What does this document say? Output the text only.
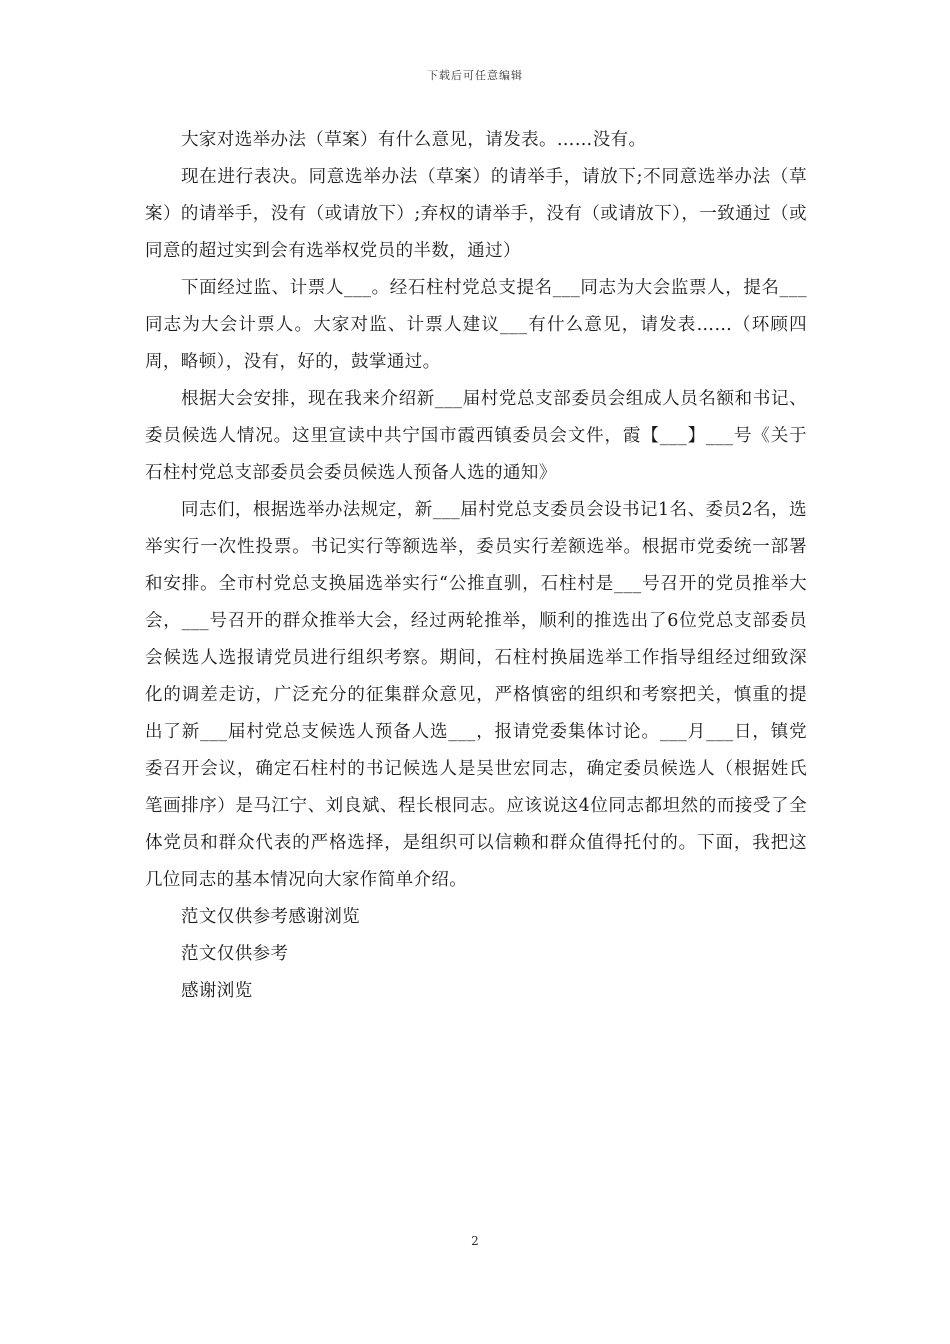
下载后可任意编辑

大家对选举办法（草案）有什么意见，请发表。……没有。

现在进行表决。同意选举办法（草案）的请举手，请放下;不同意选举办法（草案）的请举手，没有（或请放下）;弃权的请举手，没有（或请放下），一致通过（或同意的超过实到会有选举权党员的半数，通过）

下面经过监、计票人___。经石柱村党总支提名___同志为大会监票人，提名___同志为大会计票人。大家对监、计票人建议___有什么意见，请发表……（环顾四周，略顿），没有，好的，鼓掌通过。

根据大会安排，现在我来介绍新___届村党总支部委员会组成人员名额和书记、委员候选人情况。这里宣读中共宁国市霞西镇委员会文件，霞【___】___号《关于石柱村党总支部委员会委员候选人预备人选的通知》

同志们，根据选举办法规定，新___届村党总支委员会设书记1名、委员2名，选举实行一次性投票。书记实行等额选举，委员实行差额选举。根据市党委统一部署和安排。全市村党总支换届选举实行“公推直驯，石柱村是___号召开的党员推举大会，___号召开的群众推举大会，经过两轮推举，顺利的推选出了6位党总支部委员会候选人选报请党员进行组织考察。期间，石柱村换届选举工作指导组经过细致深化的调差走访，广泛充分的征集群众意见，严格慎密的组织和考察把关，慎重的提出了新___届村党总支候选人预备人选___，报请党委集体讨论。___月___日，镇党委召开会议，确定石柱村的书记候选人是吴世宏同志，确定委员候选人（根据姓氏笔画排序）是马江宁、刘良斌、程长根同志。应该说这4位同志都坦然的而接受了全体党员和群众代表的严格选择，是组织可以信赖和群众值得托付的。下面，我把这几位同志的基本情况向大家作简单介绍。

范文仅供参考感谢浏览

范文仅供参考

感谢浏览

2
